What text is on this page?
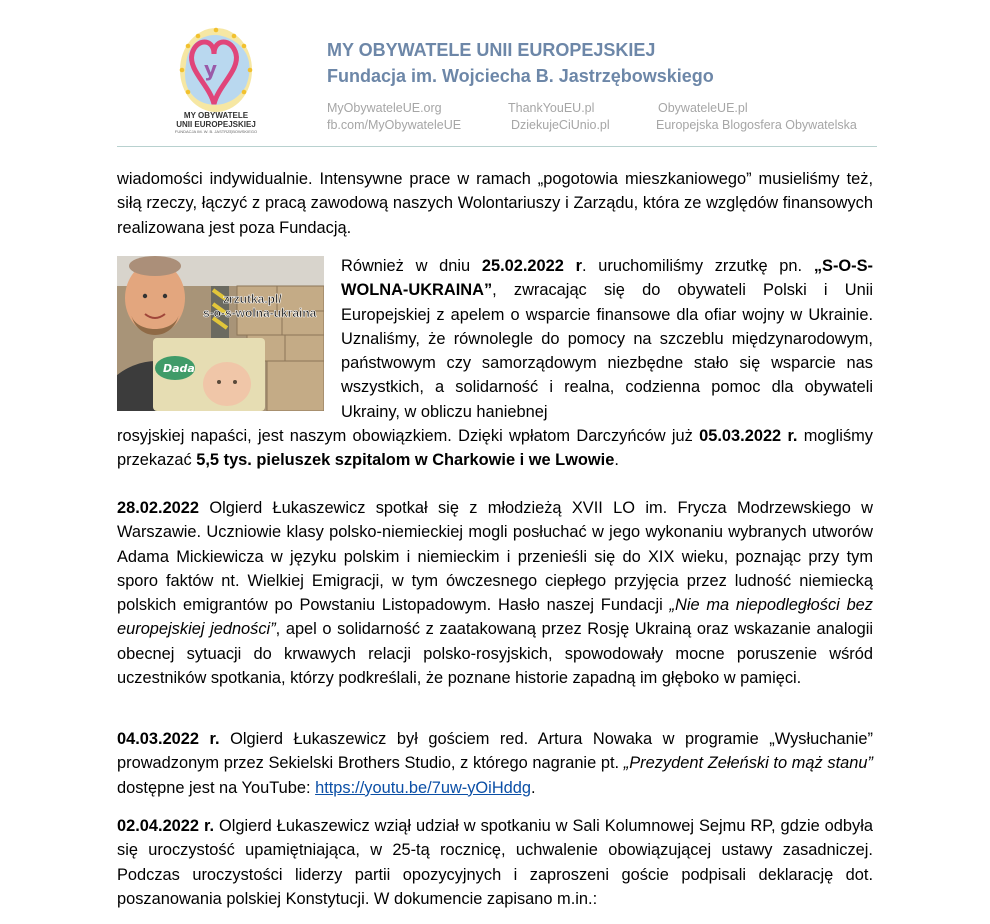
y
MY OBYWATELE
UNII EUROPEJSKIEJ
FUNDACJA IM. W. B. JASTRZĘBOWSKIEGO
MY OBYWATELE UNII EUROPEJSKIEJ
Fundacja im. Wojciecha B. Jastrzębowskiego
MyObywateleUE.org	ThankYouEU.pl	ObywateleUE.pl
fb.com/MyObywateleUE	DziekujeCiUnio.pl	Europejska Blogosfera Obywatelska

wiadomości indywidualnie. Intensywne prace w ramach „pogotowia mieszkaniowego” musieliśmy też, siłą rzeczy, łączyć z pracą zawodową naszych Wolontariuszy i Zarządu, która ze względów finansowych realizowana jest poza Fundacją.

Dada
zrzutka.pl/
s-o-s-wolna-ukraina

Również w dniu 25.02.2022 r. uruchomiliśmy zrzutkę pn. „S-O-S-WOLNA-UKRAINA”, zwracając się do obywateli Polski i Unii Europejskiej z apelem o wsparcie finansowe dla ofiar wojny w Ukrainie. Uznaliśmy, że równolegle do pomocy na szczeblu międzynarodowym, państwowym czy samorządowym niezbędne stało się wsparcie nas wszystkich, a solidarność i realna, codzienna pomoc dla obywateli Ukrainy, w obliczu haniebnej

rosyjskiej napaści, jest naszym obowiązkiem. Dzięki wpłatom Darczyńców już 05.03.2022 r. mogliśmy przekazać 5,5 tys. pieluszek szpitalom w Charkowie i we Lwowie.

28.02.2022 Olgierd Łukaszewicz spotkał się z młodzieżą XVII LO im. Frycza Modrzewskiego w Warszawie. Uczniowie klasy polsko-niemieckiej mogli posłuchać w jego wykonaniu wybranych utworów Adama Mickiewicza w języku polskim i niemieckim i przenieśli się do XIX wieku, poznając przy tym sporo faktów nt. Wielkiej Emigracji, w tym ówczesnego ciepłego przyjęcia przez ludność niemiecką polskich emigrantów po Powstaniu Listopadowym. Hasło naszej Fundacji „Nie ma niepodległości bez europejskiej jedności”, apel o solidarność z zaatakowaną przez Rosję Ukrainą oraz wskazanie analogii obecnej sytuacji do krwawych relacji polsko-rosyjskich, spowodowały mocne poruszenie wśród uczestników spotkania, którzy podkreślali, że poznane historie zapadną im głęboko w pamięci.

04.03.2022 r. Olgierd Łukaszewicz był gościem red. Artura Nowaka w programie „Wysłuchanie” prowadzonym przez Sekielski Brothers Studio, z którego nagranie pt. „Prezydent Zełeński to mąż stanu” dostępne jest na YouTube: https://youtu.be/7uw-yOiHddg.

02.04.2022 r. Olgierd Łukaszewicz wziął udział w spotkaniu w Sali Kolumnowej Sejmu RP, gdzie odbyła się uroczystość upamiętniająca, w 25-tą rocznicę, uchwalenie obowiązującej ustawy zasadniczej. Podczas uroczystości liderzy partii opozycyjnych i zaproszeni goście podpisali deklarację dot. poszanowania polskiej Konstytucji. W dokumencie zapisano m.in.:
